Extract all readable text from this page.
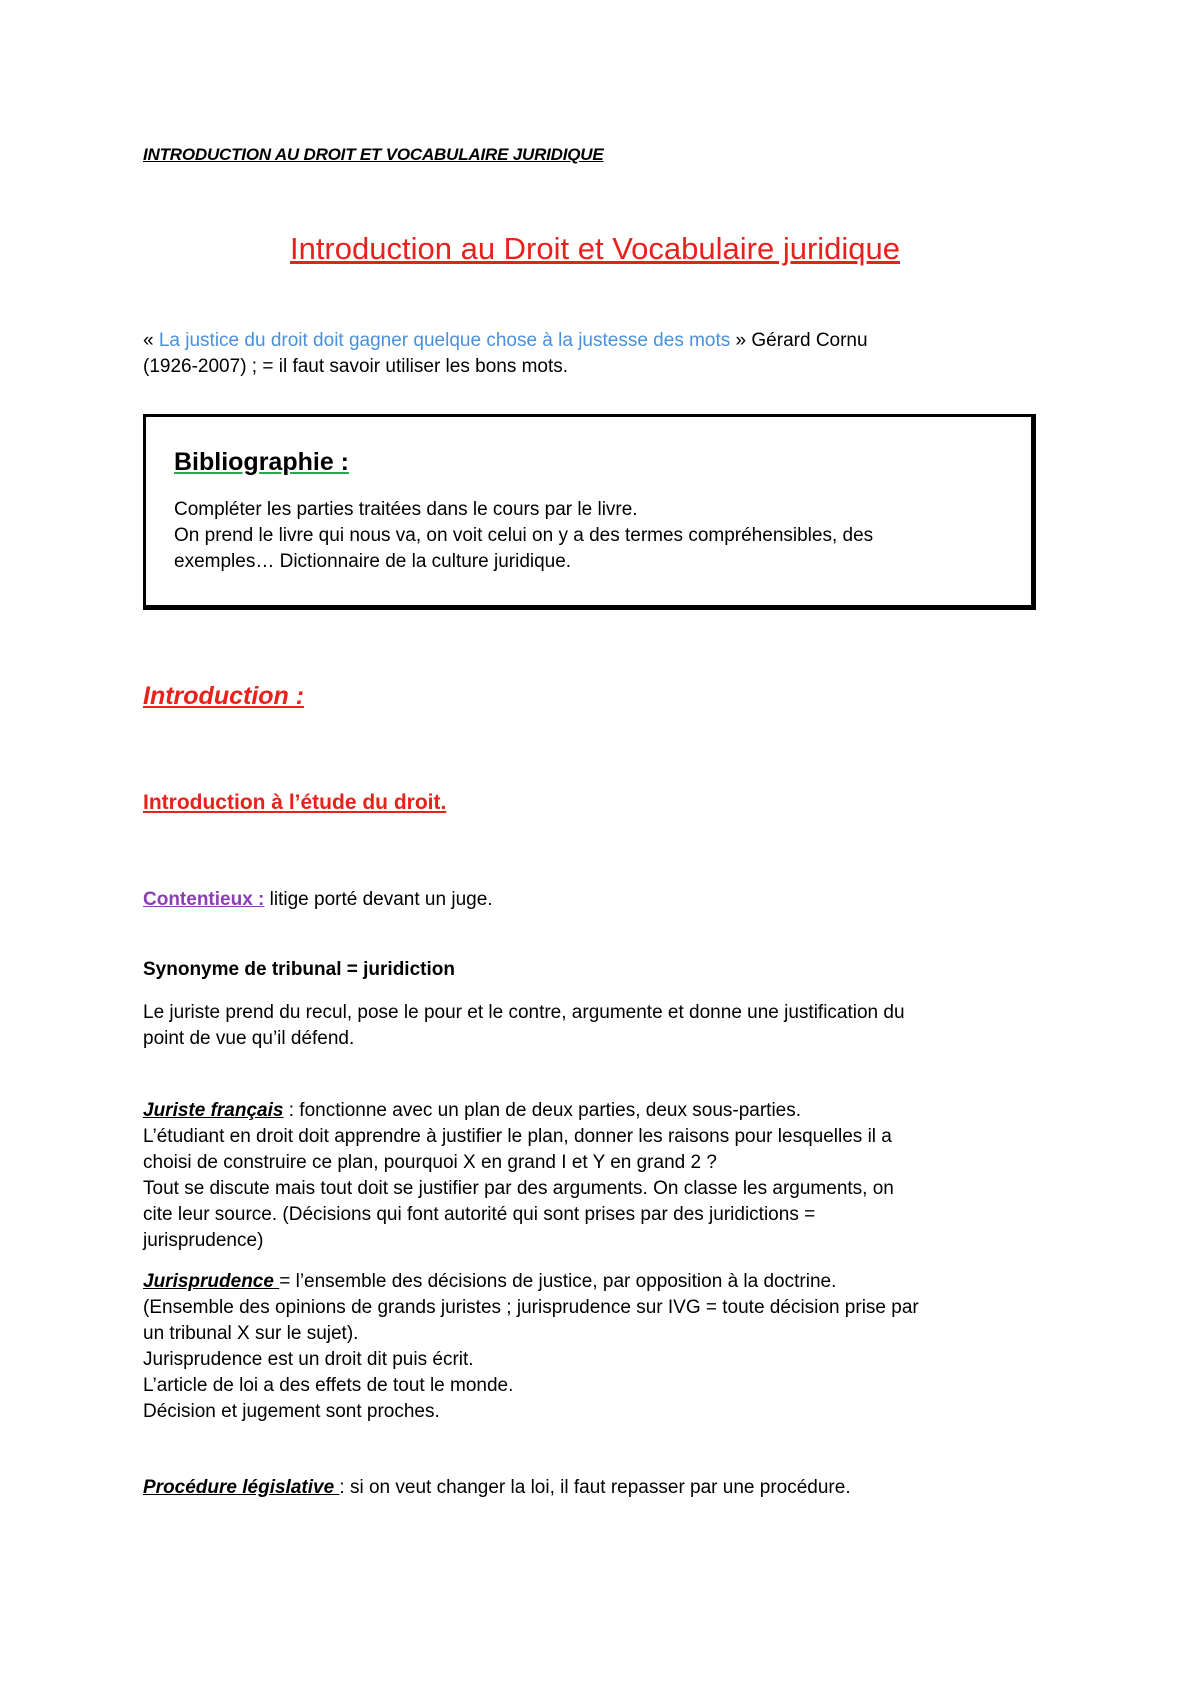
INTRODUCTION AU DROIT ET VOCABULAIRE JURIDIQUE
Introduction au Droit et Vocabulaire juridique
« La justice du droit doit gagner quelque chose à la justesse des mots » Gérard Cornu
(1926-2007) ; = il faut savoir utiliser les bons mots.
Bibliographie :
Compléter les parties traitées dans le cours par le livre.
On prend le livre qui nous va, on voit celui on y a des termes compréhensibles, des
exemples… Dictionnaire de la culture juridique.
Introduction :
Introduction à l’étude du droit.
Contentieux : litige porté devant un juge.
Synonyme de tribunal = juridiction
Le juriste prend du recul, pose le pour et le contre, argumente et donne une justification du
point de vue qu’il défend.
Juriste français : fonctionne avec un plan de deux parties, deux sous-parties.
L’étudiant en droit doit apprendre à justifier le plan, donner les raisons pour lesquelles il a
choisi de construire ce plan, pourquoi X en grand I et Y en grand 2 ?
Tout se discute mais tout doit se justifier par des arguments. On classe les arguments, on
cite leur source. (Décisions qui font autorité qui sont prises par des juridictions =
jurisprudence)
Jurisprudence = l’ensemble des décisions de justice, par opposition à la doctrine.
(Ensemble des opinions de grands juristes ; jurisprudence sur IVG = toute décision prise par
un tribunal X sur le sujet).
Jurisprudence est un droit dit puis écrit.
L’article de loi a des effets de tout le monde.
Décision et jugement sont proches.
Procédure législative : si on veut changer la loi, il faut repasser par une procédure.
